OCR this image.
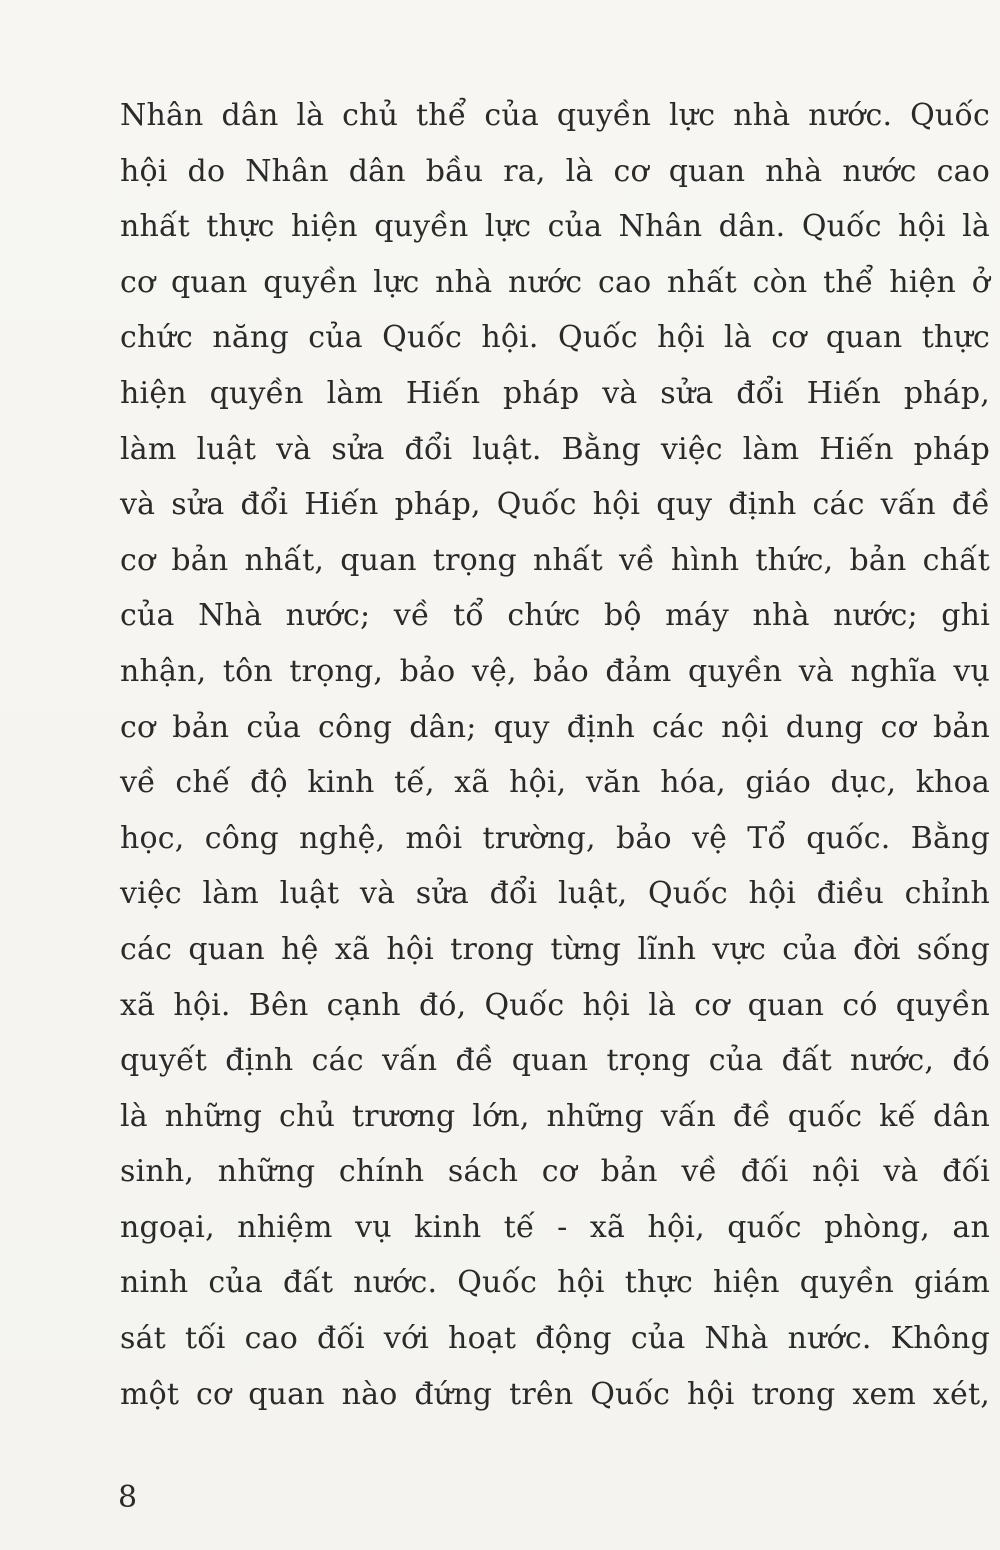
Nhân dân là chủ thể của quyền lực nhà nước. Quốc
hội do Nhân dân bầu ra, là cơ quan nhà nước cao
nhất thực hiện quyền lực của Nhân dân. Quốc hội là
cơ quan quyền lực nhà nước cao nhất còn thể hiện ở
chức năng của Quốc hội. Quốc hội là cơ quan thực
hiện quyền làm Hiến pháp và sửa đổi Hiến pháp,
làm luật và sửa đổi luật. Bằng việc làm Hiến pháp
và sửa đổi Hiến pháp, Quốc hội quy định các vấn đề
cơ bản nhất, quan trọng nhất về hình thức, bản chất
của Nhà nước; về tổ chức bộ máy nhà nước; ghi
nhận, tôn trọng, bảo vệ, bảo đảm quyền và nghĩa vụ
cơ bản của công dân; quy định các nội dung cơ bản
về chế độ kinh tế, xã hội, văn hóa, giáo dục, khoa
học, công nghệ, môi trường, bảo vệ Tổ quốc. Bằng
việc làm luật và sửa đổi luật, Quốc hội điều chỉnh
các quan hệ xã hội trong từng lĩnh vực của đời sống
xã hội. Bên cạnh đó, Quốc hội là cơ quan có quyền
quyết định các vấn đề quan trọng của đất nước, đó
là những chủ trương lớn, những vấn đề quốc kế dân
sinh, những chính sách cơ bản về đối nội và đối
ngoại, nhiệm vụ kinh tế - xã hội, quốc phòng, an
ninh của đất nước. Quốc hội thực hiện quyền giám
sát tối cao đối với hoạt động của Nhà nước. Không
một cơ quan nào đứng trên Quốc hội trong xem xét,
8
